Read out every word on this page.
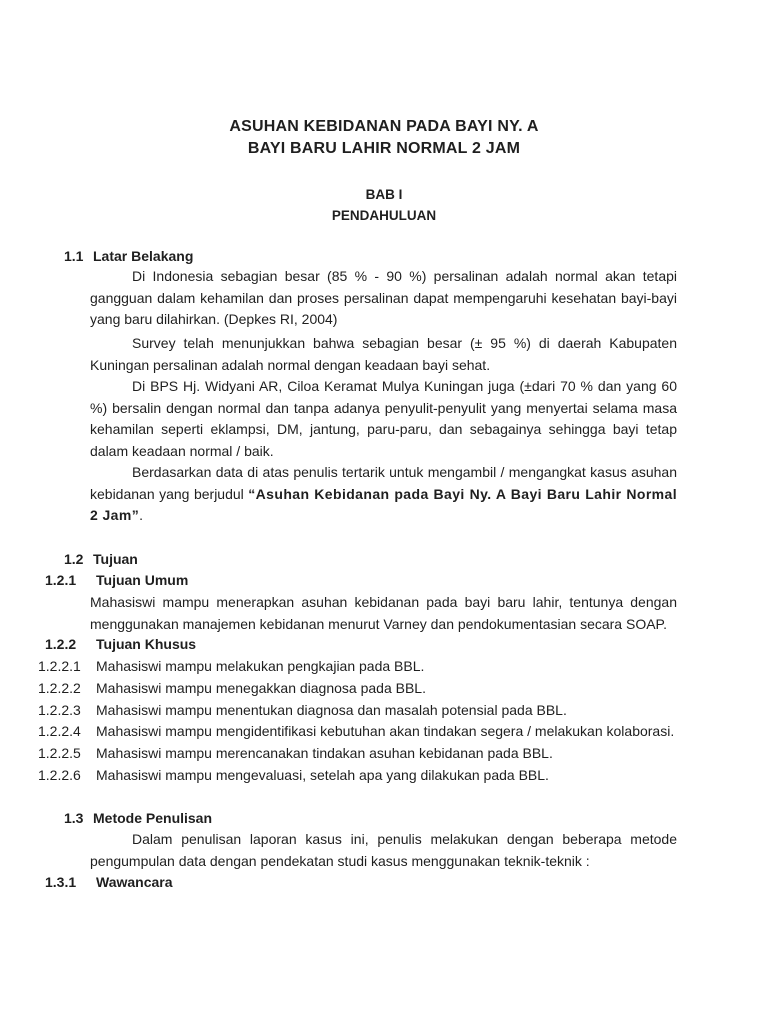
ASUHAN KEBIDANAN PADA BAYI NY. A
BAYI BARU LAHIR NORMAL 2 JAM
BAB I
PENDAHULUAN
1.1 Latar Belakang
Di Indonesia sebagian besar (85 % - 90 %) persalinan adalah normal akan tetapi gangguan dalam kehamilan dan proses persalinan dapat mempengaruhi kesehatan bayi-bayi yang baru dilahirkan. (Depkes RI, 2004)
Survey telah menunjukkan bahwa sebagian besar (± 95 %) di daerah Kabupaten Kuningan persalinan adalah normal dengan keadaan bayi sehat.
Di BPS Hj. Widyani AR, Ciloa Keramat Mulya Kuningan juga (±dari 70 % dan yang 60 %) bersalin dengan normal dan tanpa adanya penyulit-penyulit yang menyertai selama masa kehamilan seperti eklampsi, DM, jantung, paru-paru, dan sebagainya sehingga bayi tetap dalam keadaan normal / baik.
Berdasarkan data di atas penulis tertarik untuk mengambil / mengangkat kasus asuhan kebidanan yang berjudul “Asuhan Kebidanan pada Bayi Ny. A Bayi Baru Lahir Normal 2 Jam”.
1.2 Tujuan
1.2.1 Tujuan Umum
Mahasiswi mampu menerapkan asuhan kebidanan pada bayi baru lahir, tentunya dengan menggunakan manajemen kebidanan menurut Varney dan pendokumentasian secara SOAP.
1.2.2 Tujuan Khusus
1.2.2.1 Mahasiswi mampu melakukan pengkajian pada BBL.
1.2.2.2 Mahasiswi mampu menegakkan diagnosa pada BBL.
1.2.2.3 Mahasiswi mampu menentukan diagnosa dan masalah potensial pada BBL.
1.2.2.4 Mahasiswi mampu mengidentifikasi kebutuhan akan tindakan segera / melakukan kolaborasi.
1.2.2.5 Mahasiswi mampu merencanakan tindakan asuhan kebidanan pada BBL.
1.2.2.6 Mahasiswi mampu mengevaluasi, setelah apa yang dilakukan pada BBL.
1.3 Metode Penulisan
Dalam penulisan laporan kasus ini, penulis melakukan dengan beberapa metode pengumpulan data dengan pendekatan studi kasus menggunakan teknik-teknik :
1.3.1 Wawancara
